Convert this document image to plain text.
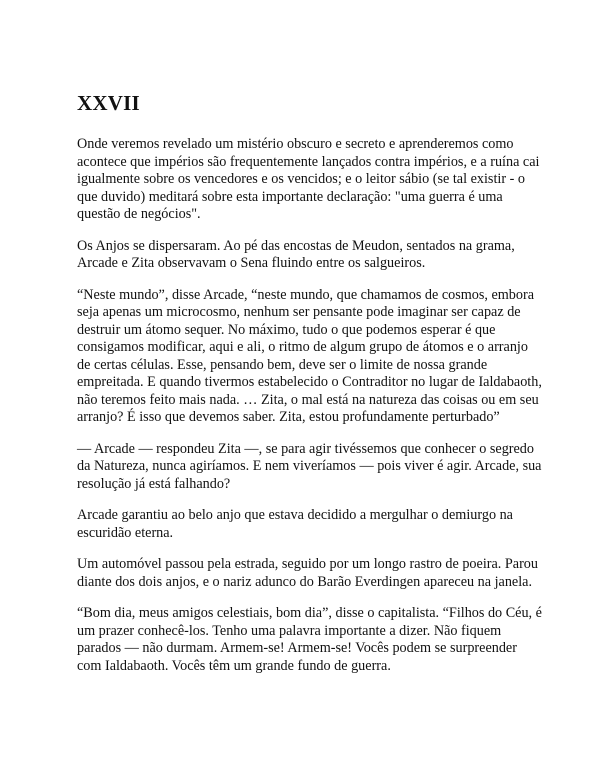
XXVII

Onde veremos revelado um mistério obscuro e secreto e aprenderemos como acontece que impérios são frequentemente lançados contra impérios, e a ruína cai igualmente sobre os vencedores e os vencidos; e o leitor sábio (se tal existir - o que duvido) meditará sobre esta importante declaração: "uma guerra é uma questão de negócios".

Os Anjos se dispersaram. Ao pé das encostas de Meudon, sentados na grama, Arcade e Zita observavam o Sena fluindo entre os salgueiros.

“Neste mundo”, disse Arcade, “neste mundo, que chamamos de cosmos, embora seja apenas um microcosmo, nenhum ser pensante pode imaginar ser capaz de destruir um átomo sequer. No máximo, tudo o que podemos esperar é que consigamos modificar, aqui e ali, o ritmo de algum grupo de átomos e o arranjo de certas células. Esse, pensando bem, deve ser o limite de nossa grande empreitada. E quando tivermos estabelecido o Contraditor no lugar de Ialdabaoth, não teremos feito mais nada. … Zita, o mal está na natureza das coisas ou em seu arranjo? É isso que devemos saber. Zita, estou profundamente perturbado”

— Arcade — respondeu Zita —, se para agir tivéssemos que conhecer o segredo da Natureza, nunca agiríamos. E nem viveríamos — pois viver é agir. Arcade, sua resolução já está falhando?

Arcade garantiu ao belo anjo que estava decidido a mergulhar o demiurgo na escuridão eterna.

Um automóvel passou pela estrada, seguido por um longo rastro de poeira. Parou diante dos dois anjos, e o nariz adunco do Barão Everdingen apareceu na janela.

“Bom dia, meus amigos celestiais, bom dia”, disse o capitalista. “Filhos do Céu, é um prazer conhecê-los. Tenho uma palavra importante a dizer. Não fiquem parados — não durmam. Armem-se! Armem-se! Vocês podem se surpreender com Ialdabaoth. Vocês têm um grande fundo de guerra.
